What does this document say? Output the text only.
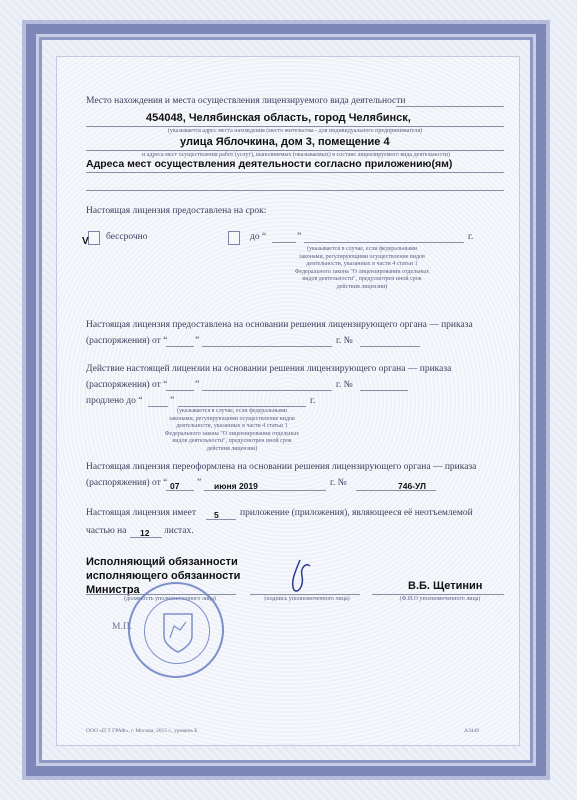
Место нахождения и места осуществления лицензируемого вида деятельности
454048, Челябинская область, город Челябинск,
(указывается адрес места нахождения (место жительства - для индивидуального предпринимателя)
улица Яблочкина, дом 3, помещение 4
и адреса мест осуществления работ (услуг), выполняемых (оказываемых) в составе лицензируемого вида деятельности)
Адреса мест осуществления деятельности согласно приложению(ям)
Настоящая лицензия предоставлена на срок:
V бессрочно	до “	”	г.
(указывается в случае, если федеральными
законами, регулирующими осуществление видов
деятельности, указанных в части 4 статьи 1
Федерального закона "О лицензировании отдельных
видов деятельности", предусмотрен иной срок
действия лицензии)
Настоящая лицензия предоставлена на основании решения лицензирующего органа — приказа
(распоряжения) от “	”	г. №
Действие настоящей лицензии на основании решения лицензирующего органа — приказа
(распоряжения) от “	”	г. №
продлено до “	”	г.
(указывается в случае, если федеральными
законами, регулирующими осуществление видов
деятельности, указанных в части 4 статьи 1
Федерального закона "О лицензировании отдельных
видов деятельности", предусмотрен иной срок
действия лицензии)
Настоящая лицензия переоформлена на основании решения лицензирующего органа — приказа
(распоряжения) от “ 07 ” июня 2019	г. №	746-УЛ
Настоящая лицензия имеет 5 приложение (приложения), являющееся её неотъемлемой
частью на 12 листах.
Исполняющий обязанности
исполняющего обязанности
Министра
(должность уполномоченного лица)	(подпись уполномоченного лица)
В.Б. Щетинин
(Ф.И.О уполномоченного лица)
М.П.
ООО «П Т ГРАФ», г. Москва, 2015 г., уровень Б	А3449
